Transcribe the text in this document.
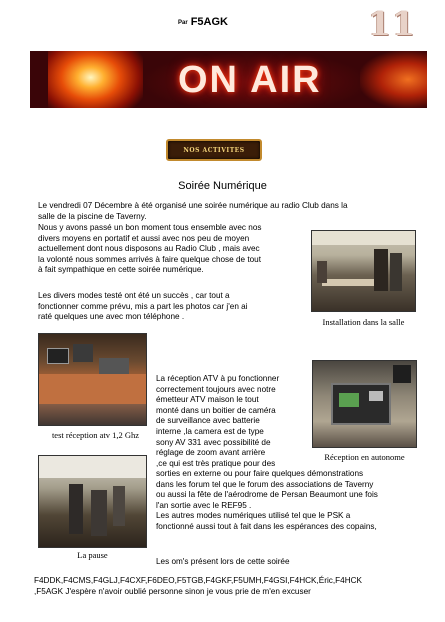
Par F5AGK	11
ON AIR
NOS ACTIVITES
Soirée Numérique
Le vendredi 07 Décembre à été organisé une soirée numérique au radio Club dans la
salle de la piscine de Taverny.
Nous y avons passé un bon moment tous ensemble avec nos
divers moyens en portatif et aussi avec nos peu de moyen
actuellement dont nous disposons au Radio Club , mais avec
la volonté nous sommes arrivés à faire quelque chose de tout
à fait sympathique en cette soirée numérique.
Les divers modes testé ont été un succès , car tout a
fonctionner comme prévu, mis a part les photos car j'en ai
raté quelques une avec mon téléphone .
Installation dans la salle
test réception atv 1,2 Ghz
La réception ATV à pu fonctionner
correctement toujours avec notre
émetteur ATV maison le tout
monté dans un boitier de caméra
de surveillance avec batterie
interne ,la camera est de type
sony AV 331 avec possibilité de
réglage de zoom avant arrière
,ce qui est très pratique pour des
Réception en autonome
La pause
sorties en externe ou pour faire quelques démonstrations
dans les forum tel que le forum des associations de Taverny
ou aussi la fête de l'aérodrome de Persan Beaumont une fois
l'an sortie avec le REF95 .
Les autres modes numériques utilisé tel que le PSK a
fonctionné aussi tout à fait dans les espérances des copains,
Les om's présent lors de cette soirée
F4DDK,F4CMS,F4GLJ,F4CXF,F6DEO,F5TGB,F4GKF,F5UMH,F4GSI,F4HCK,Éric,F4HCK
,F5AGK J'espère n'avoir oublié personne sinon je vous prie de m'en excuser
